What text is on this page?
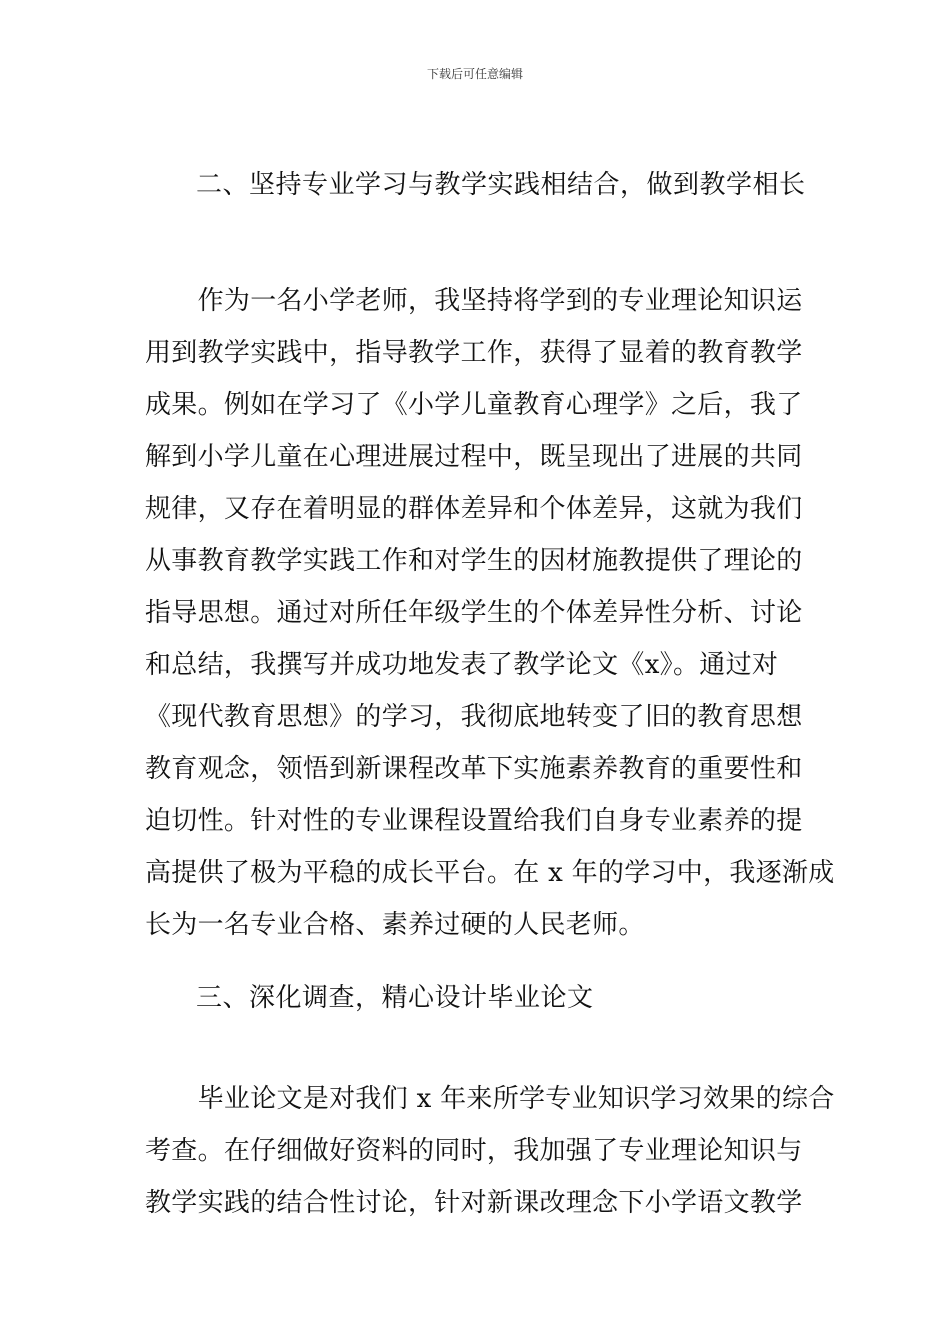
下载后可任意编辑
二、坚持专业学习与教学实践相结合，做到教学相长
　　作为一名小学老师，我坚持将学到的专业理论知识运
用到教学实践中，指导教学工作，获得了显着的教育教学
成果。例如在学习了《小学儿童教育心理学》之后，我了
解到小学儿童在心理进展过程中，既呈现出了进展的共同
规律，又存在着明显的群体差异和个体差异，这就为我们
从事教育教学实践工作和对学生的因材施教提供了理论的
指导思想。通过对所任年级学生的个体差异性分析、讨论
和总结，我撰写并成功地发表了教学论文《x》。通过对
《现代教育思想》的学习，我彻底地转变了旧的教育思想
教育观念，领悟到新课程改革下实施素养教育的重要性和
迫切性。针对性的专业课程设置给我们自身专业素养的提
高提供了极为平稳的成长平台。在 x 年的学习中，我逐渐成
长为一名专业合格、素养过硬的人民老师。
三、深化调查，精心设计毕业论文
　　毕业论文是对我们 x 年来所学专业知识学习效果的综合
考查。在仔细做好资料的同时，我加强了专业理论知识与
教学实践的结合性讨论，针对新课改理念下小学语文教学
